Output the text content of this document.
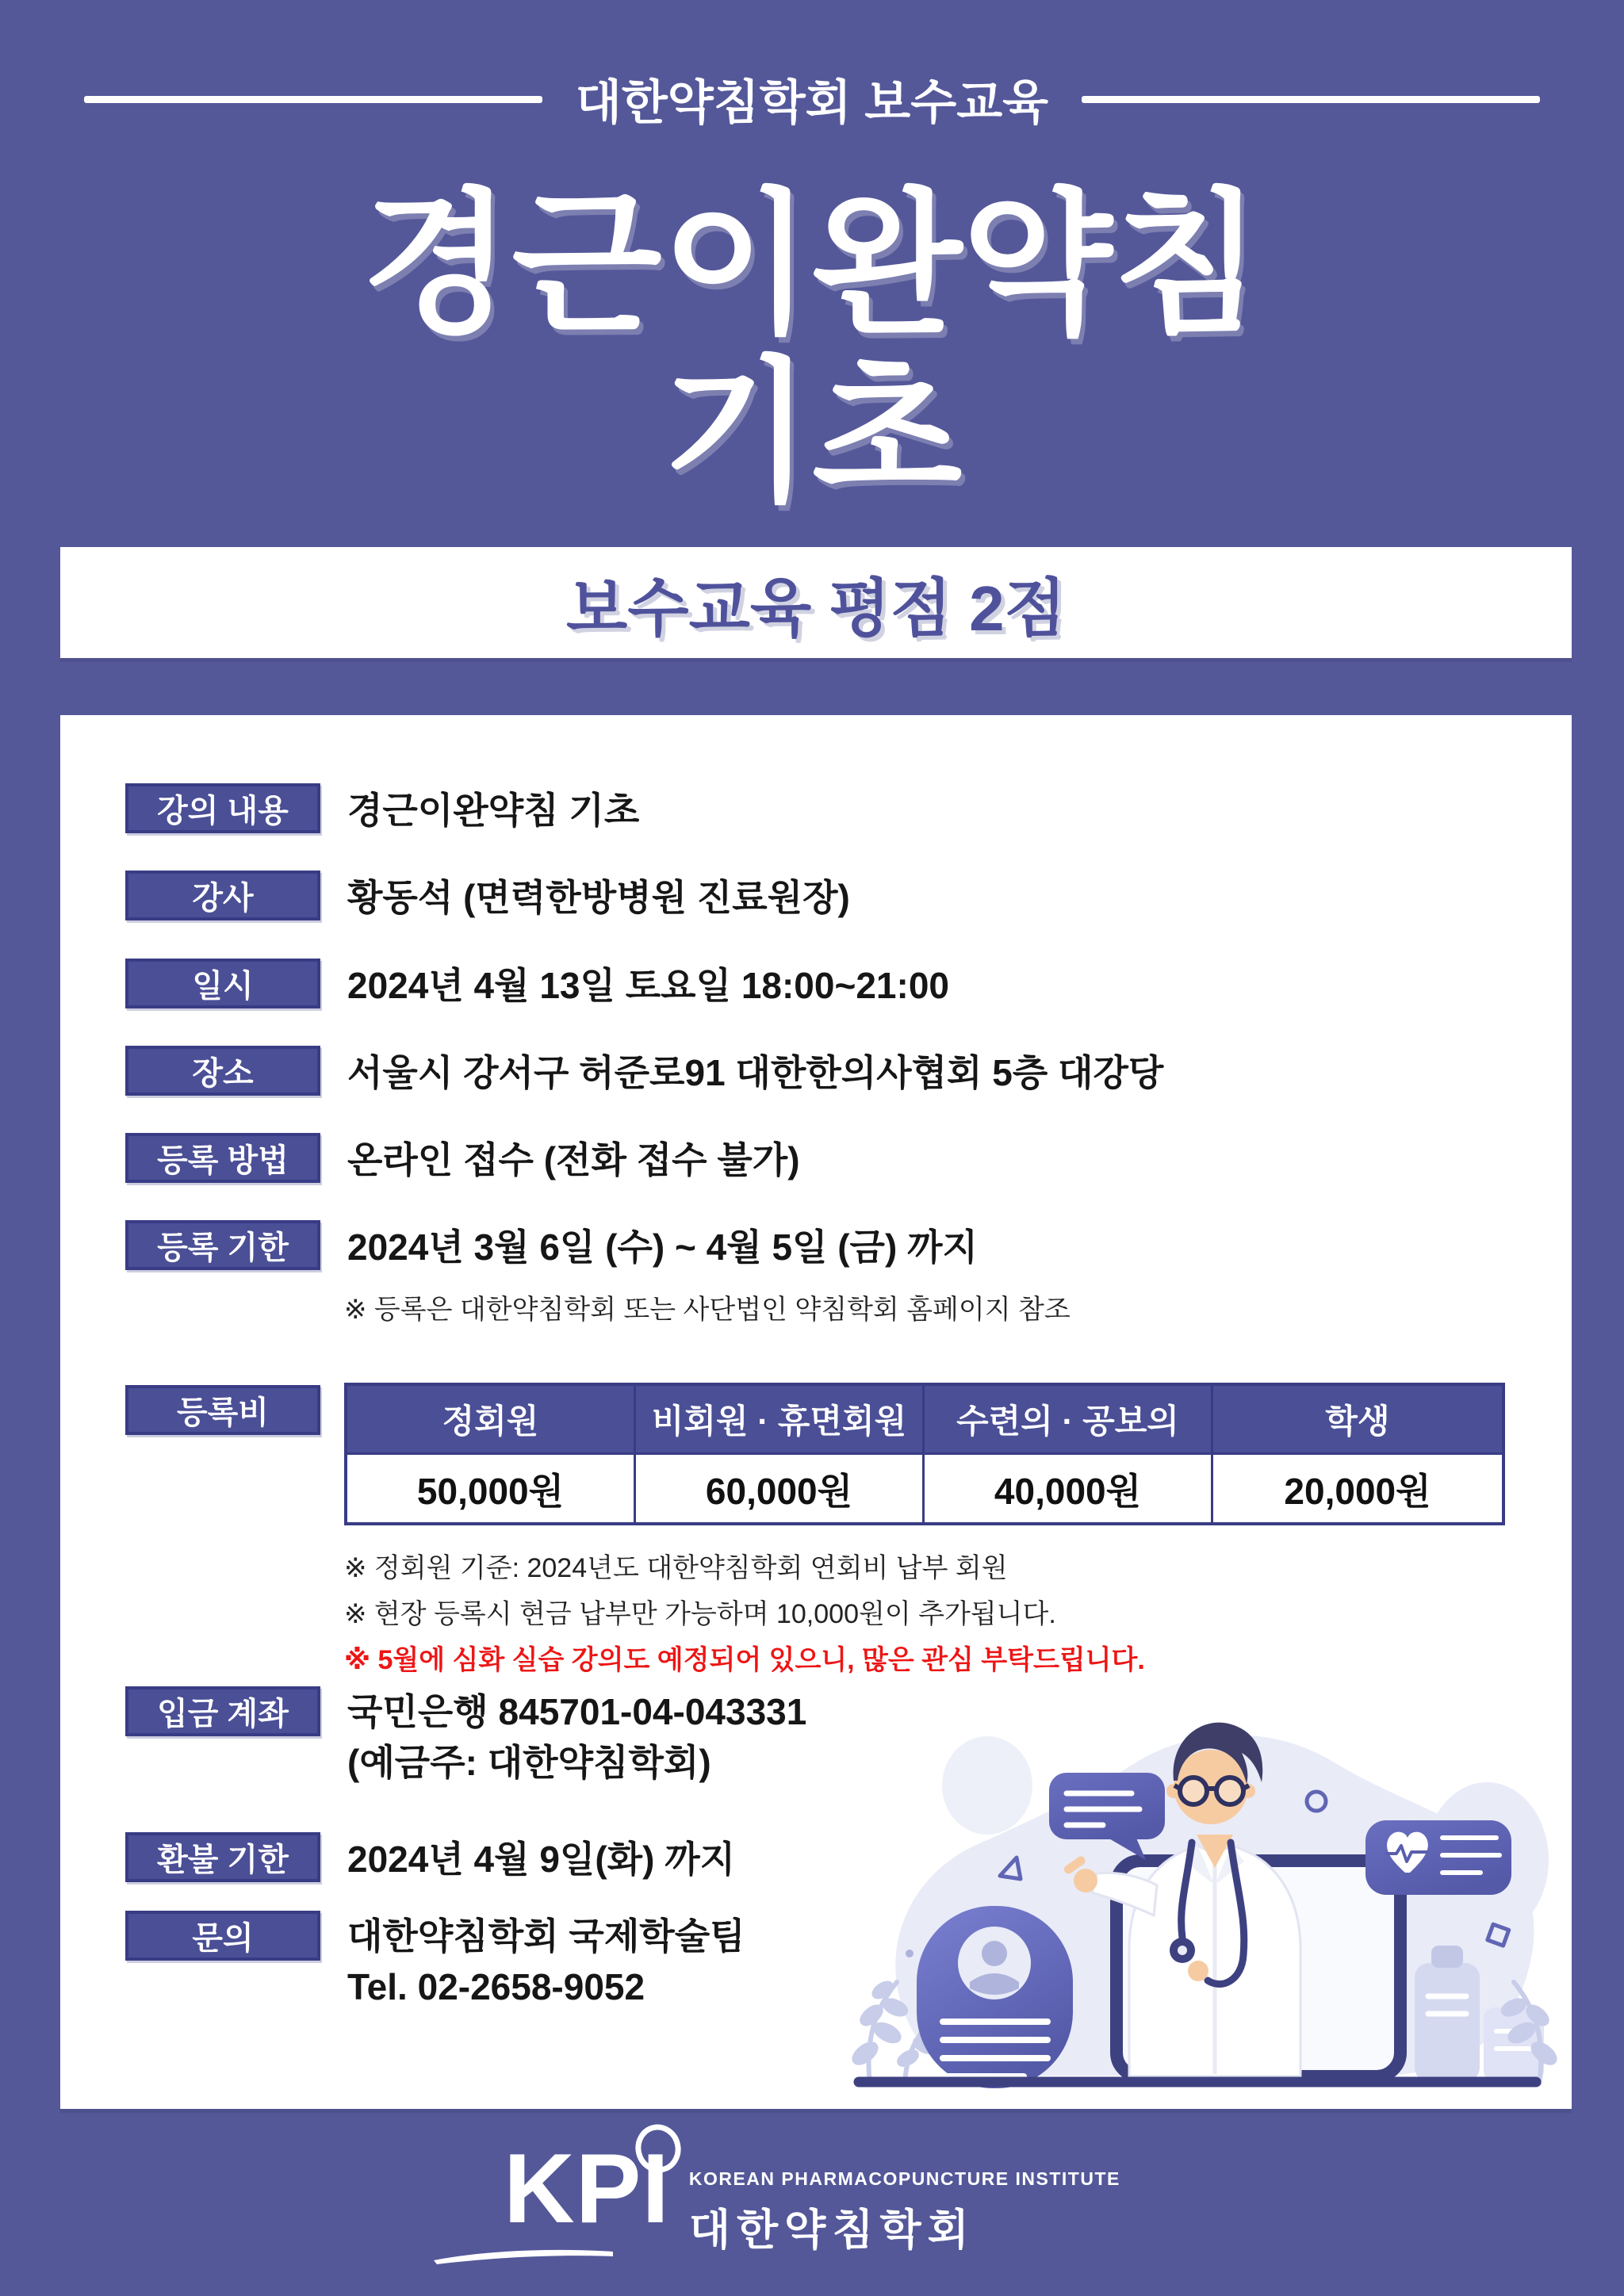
대한약침학회 보수교육
경근이완약침
기초
보수교육 평점 2점
강의 내용	경근이완약침 기초
강사	황동석 (면력한방병원 진료원장)
일시	2024년 4월 13일 토요일 18:00~21:00
장소	서울시 강서구 허준로91 대한한의사협회 5층 대강당
등록 방법	온라인 접수 (전화 접수 불가)
등록 기한	2024년 3월 6일 (수) ~ 4월 5일 (금) 까지
※ 등록은 대한약침학회 또는 사단법인 약침학회 홈페이지 참조
등록비	정회원	비회원 · 휴면회원	수련의 · 공보의	학생
50,000원	60,000원	40,000원	20,000원
※ 정회원 기준: 2024년도 대한약침학회 연회비 납부 회원
※ 현장 등록시 현금 납부만 가능하며 10,000원이 추가됩니다.
※ 5월에 심화 실습 강의도 예정되어 있으니, 많은 관심 부탁드립니다.
입금 계좌	국민은행 845701-04-043331
(예금주: 대한약침학회)
환불 기한	2024년 4월 9일(화) 까지
문의	대한약침학회 국제학술팀
Tel. 02-2658-9052
KPI KOREAN PHARMACOPUNCTURE INSTITUTE
대한약침학회
